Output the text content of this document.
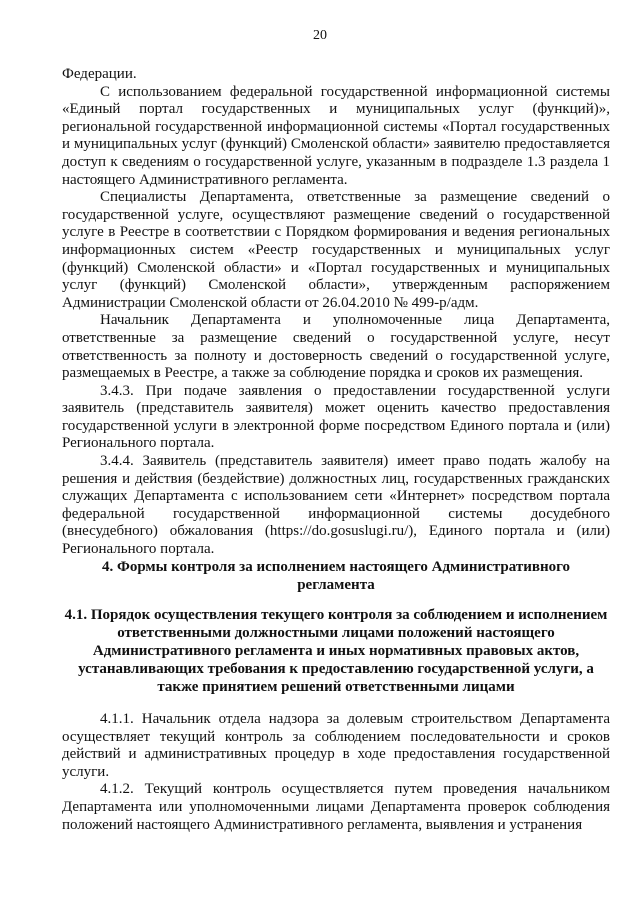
20

Федерации.

С использованием федеральной государственной информационной системы «Единый портал государственных и муниципальных услуг (функций)», региональной государственной информационной системы «Портал государственных и муниципальных услуг (функций) Смоленской области» заявителю предоставляется доступ к сведениям о государственной услуге, указанным в подразделе 1.3 раздела 1 настоящего Административного регламента.

Специалисты Департамента, ответственные за размещение сведений о государственной услуге, осуществляют размещение сведений о государственной услуге в Реестре в соответствии с Порядком формирования и ведения региональных информационных систем «Реестр государственных и муниципальных услуг (функций) Смоленской области» и «Портал государственных и муниципальных услуг (функций) Смоленской области», утвержденным распоряжением Администрации Смоленской области от 26.04.2010 № 499-р/адм.

Начальник Департамента и уполномоченные лица Департамента, ответственные за размещение сведений о государственной услуге, несут ответственность за полноту и достоверность сведений о государственной услуге, размещаемых в Реестре, а также за соблюдение порядка и сроков их размещения.

3.4.3. При подаче заявления о предоставлении государственной услуги заявитель (представитель заявителя) может оценить качество предоставления государственной услуги в электронной форме посредством Единого портала и (или) Регионального портала.

3.4.4. Заявитель (представитель заявителя) имеет право подать жалобу на решения и действия (бездействие) должностных лиц, государственных гражданских служащих Департамента с использованием сети «Интернет» посредством портала федеральной государственной информационной системы досудебного (внесудебного) обжалования (https://do.gosuslugi.ru/), Единого портала и (или) Регионального портала.

4. Формы контроля за исполнением настоящего Административного регламента

4.1. Порядок осуществления текущего контроля за соблюдением и исполнением ответственными должностными лицами положений настоящего Административного регламента и иных нормативных правовых актов, устанавливающих требования к предоставлению государственной услуги, а также принятием решений ответственными лицами

4.1.1. Начальник отдела надзора за долевым строительством Департамента осуществляет текущий контроль за соблюдением последовательности и сроков действий и административных процедур в ходе предоставления государственной услуги.

4.1.2. Текущий контроль осуществляется путем проведения начальником Департамента или уполномоченными лицами Департамента проверок соблюдения положений настоящего Административного регламента, выявления и устранения
